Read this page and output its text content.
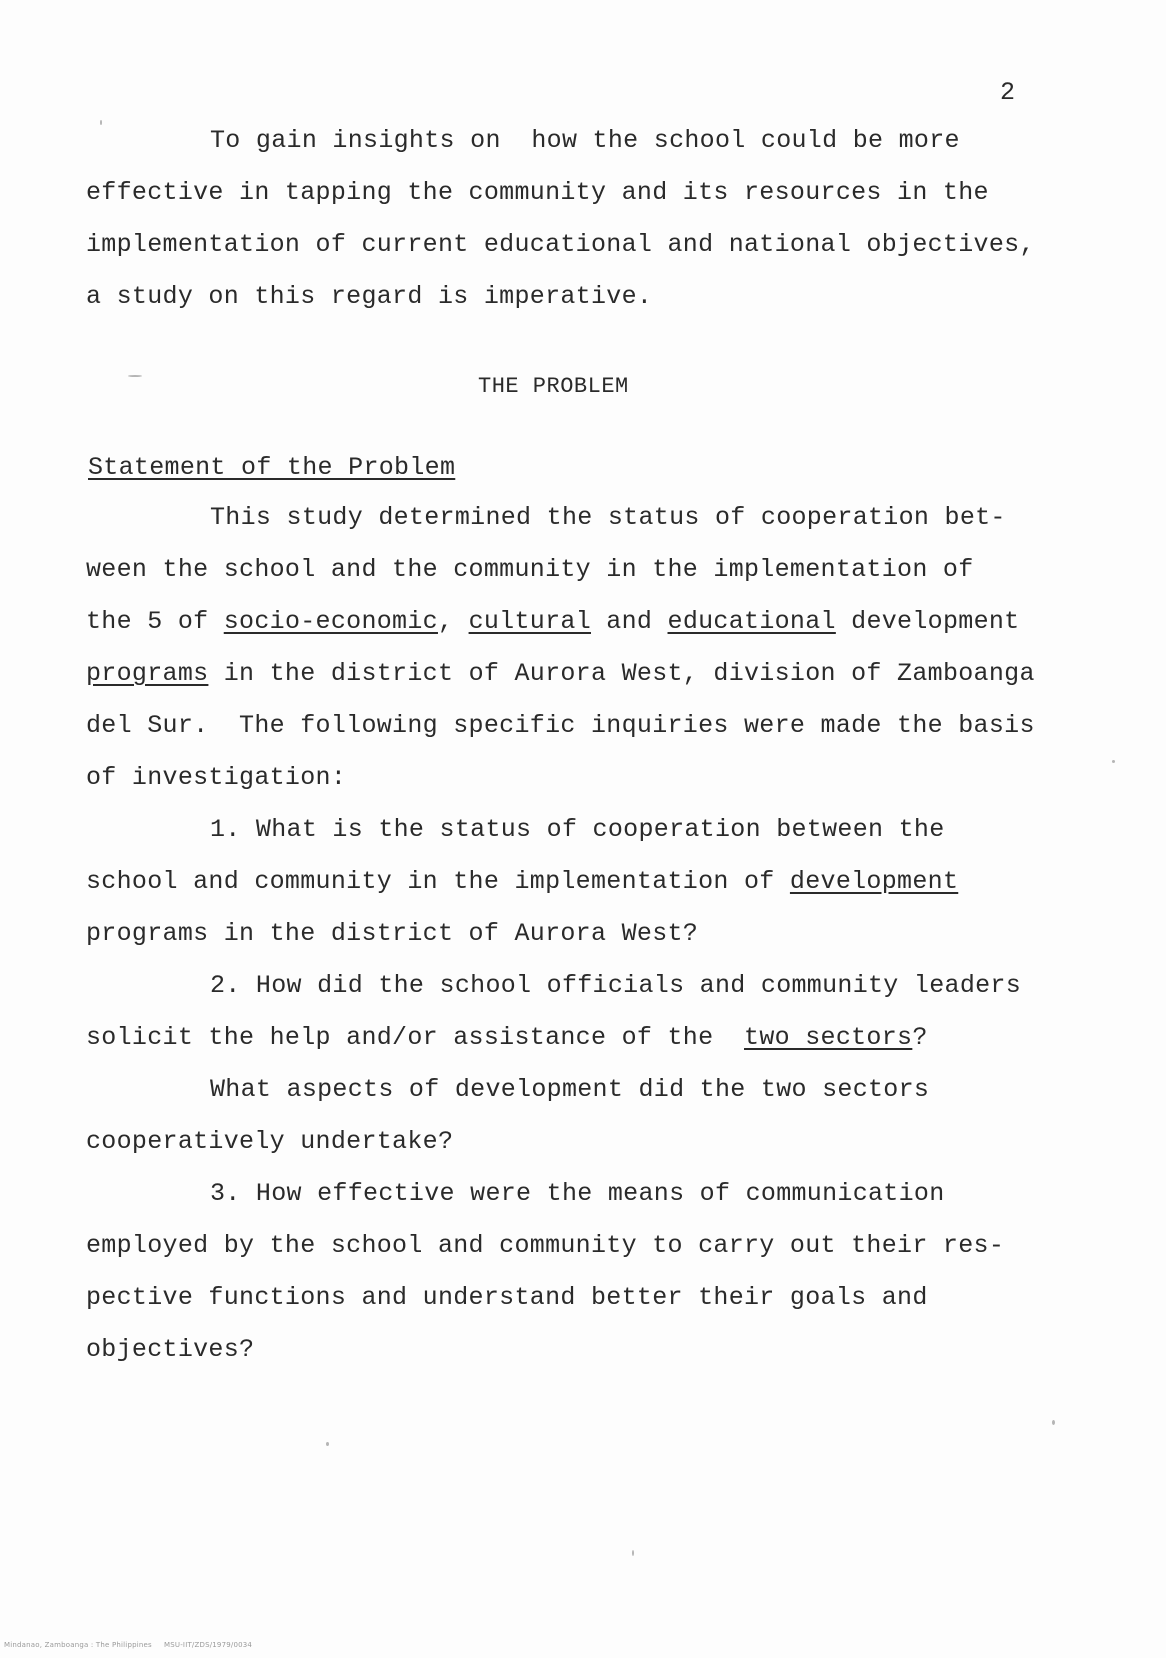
2
To gain insights on  how the school could be more
effective in tapping the community and its resources in the
implementation of current educational and national objectives,
a study on this regard is imperative.
THE PROBLEM
Statement of the Problem
This study determined the status of cooperation bet-
ween the school and the community in the implementation of
the 5 of socio-economic, cultural and educational development
programs in the district of Aurora West, division of Zamboanga
del Sur.  The following specific inquiries were made the basis
of investigation:
1. What is the status of cooperation between the
school and community in the implementation of development
programs in the district of Aurora West?
2. How did the school officials and community leaders
solicit the help and/or assistance of the  two sectors?
What aspects of development did the two sectors
cooperatively undertake?
3. How effective were the means of communication
employed by the school and community to carry out their res-
pective functions and understand better their goals and
objectives?
Mindanao, Zamboanga : The Philippines     MSU-IIT/ZDS/1979/0034
